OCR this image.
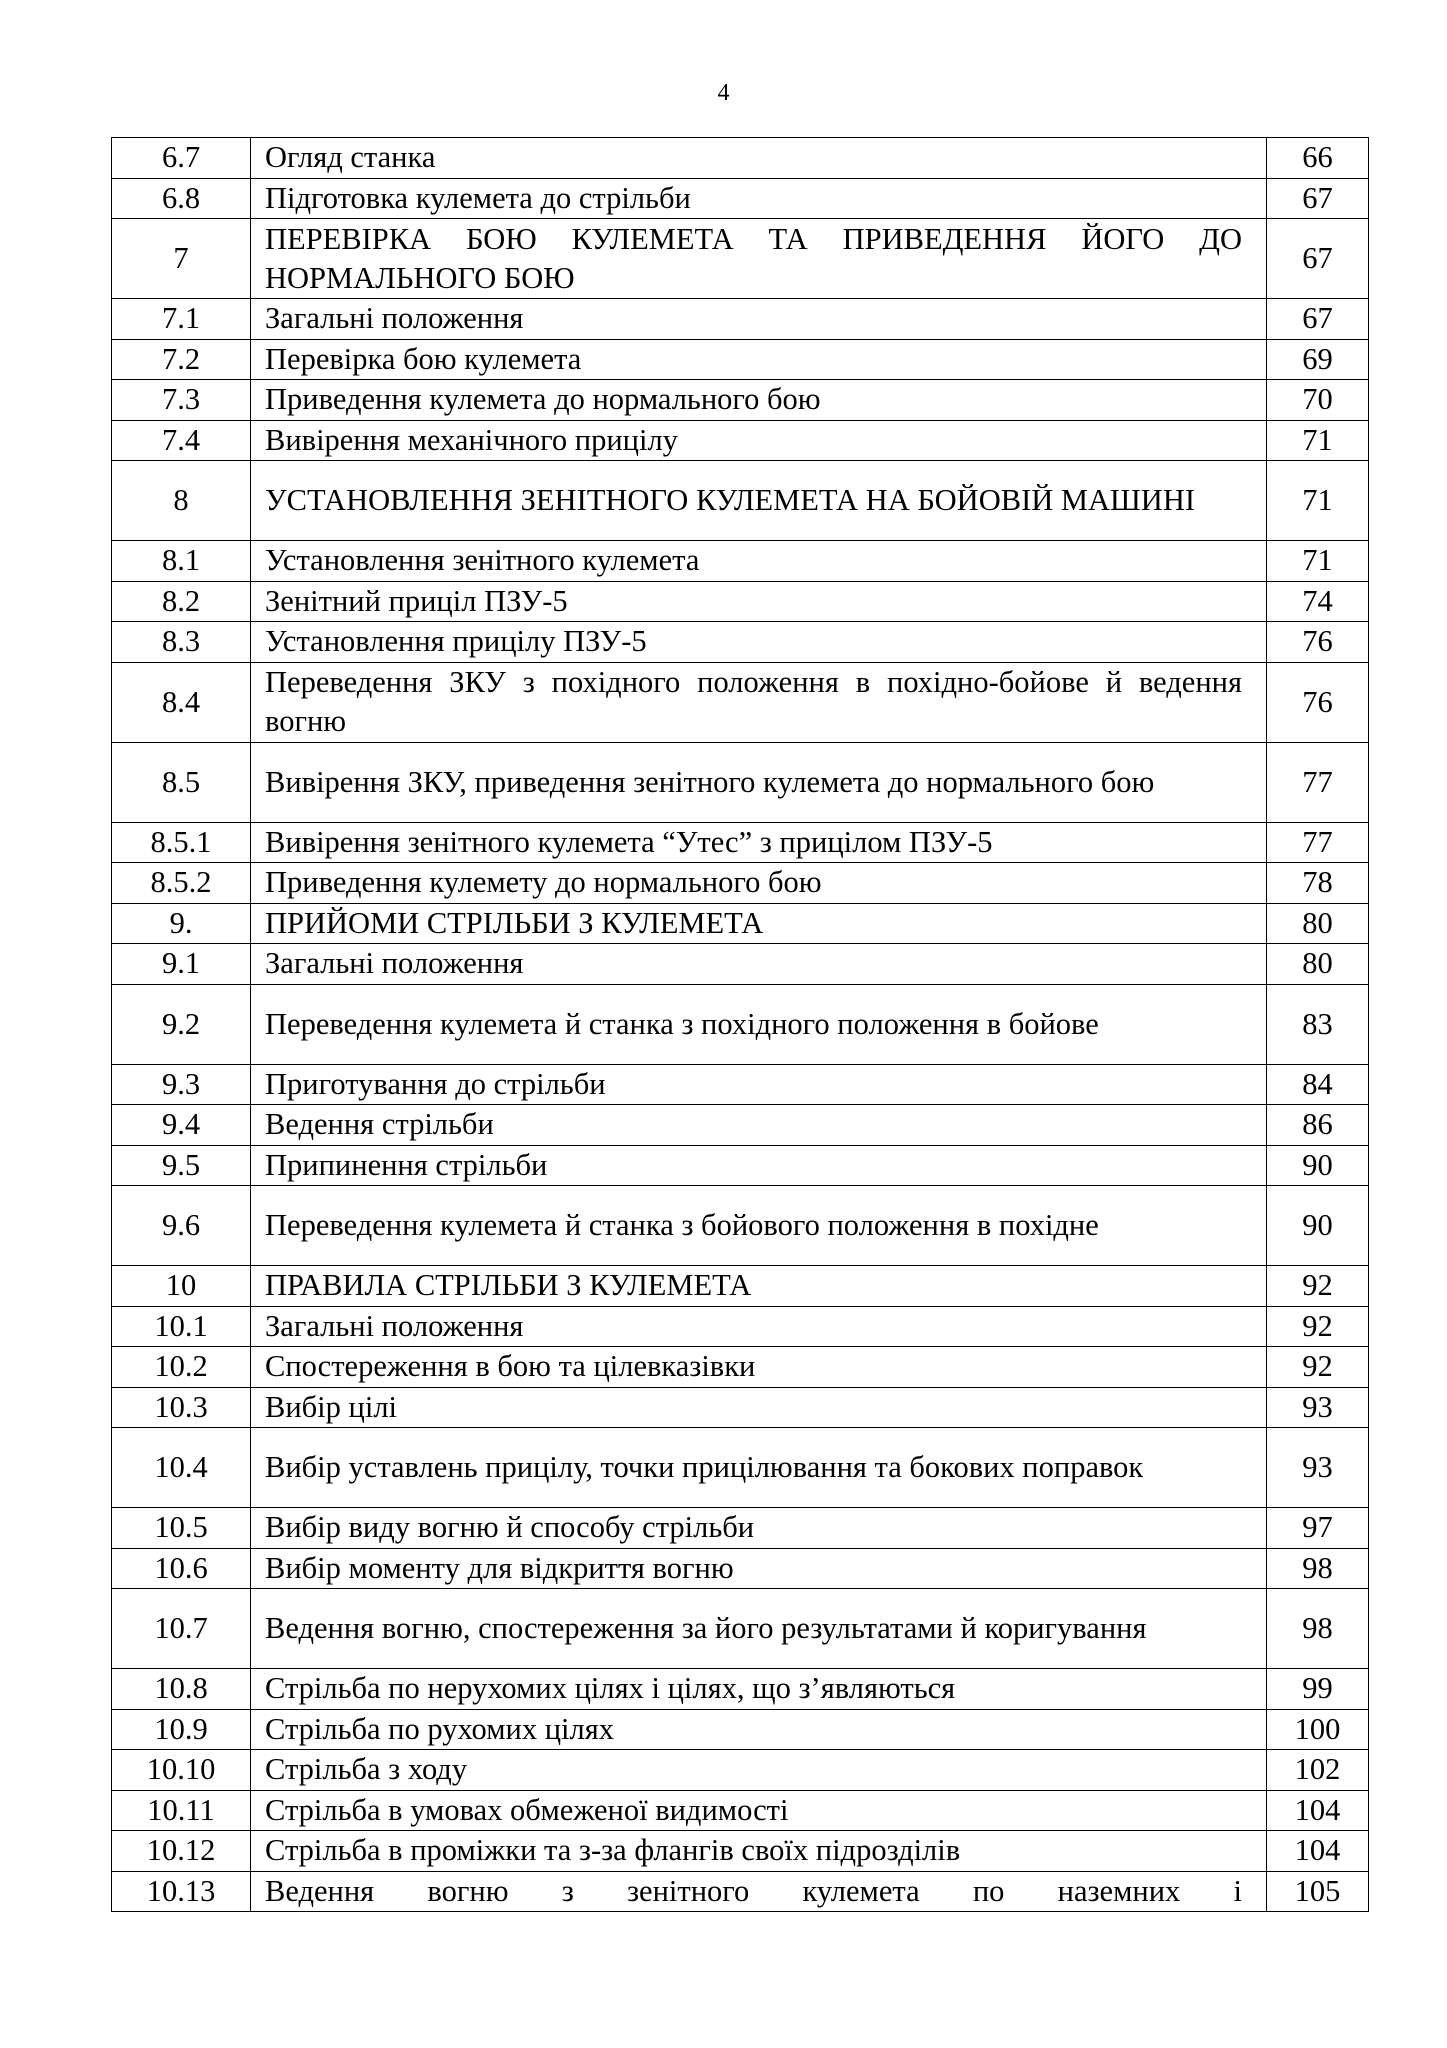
4
6.7	Огляд станка	66
6.8	Підготовка кулемета до стрільби	67
7	ПЕРЕВІРКА БОЮ КУЛЕМЕТА ТА ПРИВЕДЕННЯ ЙОГО ДО НОРМАЛЬНОГО БОЮ	67
7.1	Загальні положення	67
7.2	Перевірка бою кулемета	69
7.3	Приведення кулемета до нормального бою	70
7.4	Вивірення механічного прицілу	71
8	УСТАНОВЛЕННЯ ЗЕНІТНОГО КУЛЕМЕТА НА БОЙОВІЙ МАШИНІ	71
8.1	Установлення зенітного кулемета	71
8.2	Зенітний приціл ПЗУ-5	74
8.3	Установлення прицілу ПЗУ-5	76
8.4	Переведення ЗКУ з похідного положення в похідно-бойове й ведення вогню	76
8.5	Вивірення ЗКУ, приведення зенітного кулемета до нормального бою	77
8.5.1	Вивірення зенітного кулемета “Утес” з прицілом ПЗУ-5	77
8.5.2	Приведення кулемету до нормального бою	78
9.	ПРИЙОМИ СТРІЛЬБИ З КУЛЕМЕТА	80
9.1	Загальні положення	80
9.2	Переведення кулемета й станка з похідного положення в бойове	83
9.3	Приготування до стрільби	84
9.4	Ведення стрільби	86
9.5	Припинення стрільби	90
9.6	Переведення кулемета й станка з бойового положення в похідне	90
10	ПРАВИЛА СТРІЛЬБИ З КУЛЕМЕТА	92
10.1	Загальні положення	92
10.2	Спостереження в бою та цілевказівки	92
10.3	Вибір цілі	93
10.4	Вибір уставлень прицілу, точки прицілювання та бокових поправок	93
10.5	Вибір виду вогню й способу стрільби	97
10.6	Вибір моменту для відкриття вогню	98
10.7	Ведення вогню, спостереження за його результатами й коригування	98
10.8	Стрільба по нерухомих цілях і цілях, що з’являються	99
10.9	Стрільба по рухомих цілях	100
10.10	Стрільба з ходу	102
10.11	Стрільба в умовах обмеженої видимості	104
10.12	Стрільба в проміжки та з-за флангів своїх підрозділів	104
10.13	Ведення вогню з зенітного кулемета по наземних і	105
